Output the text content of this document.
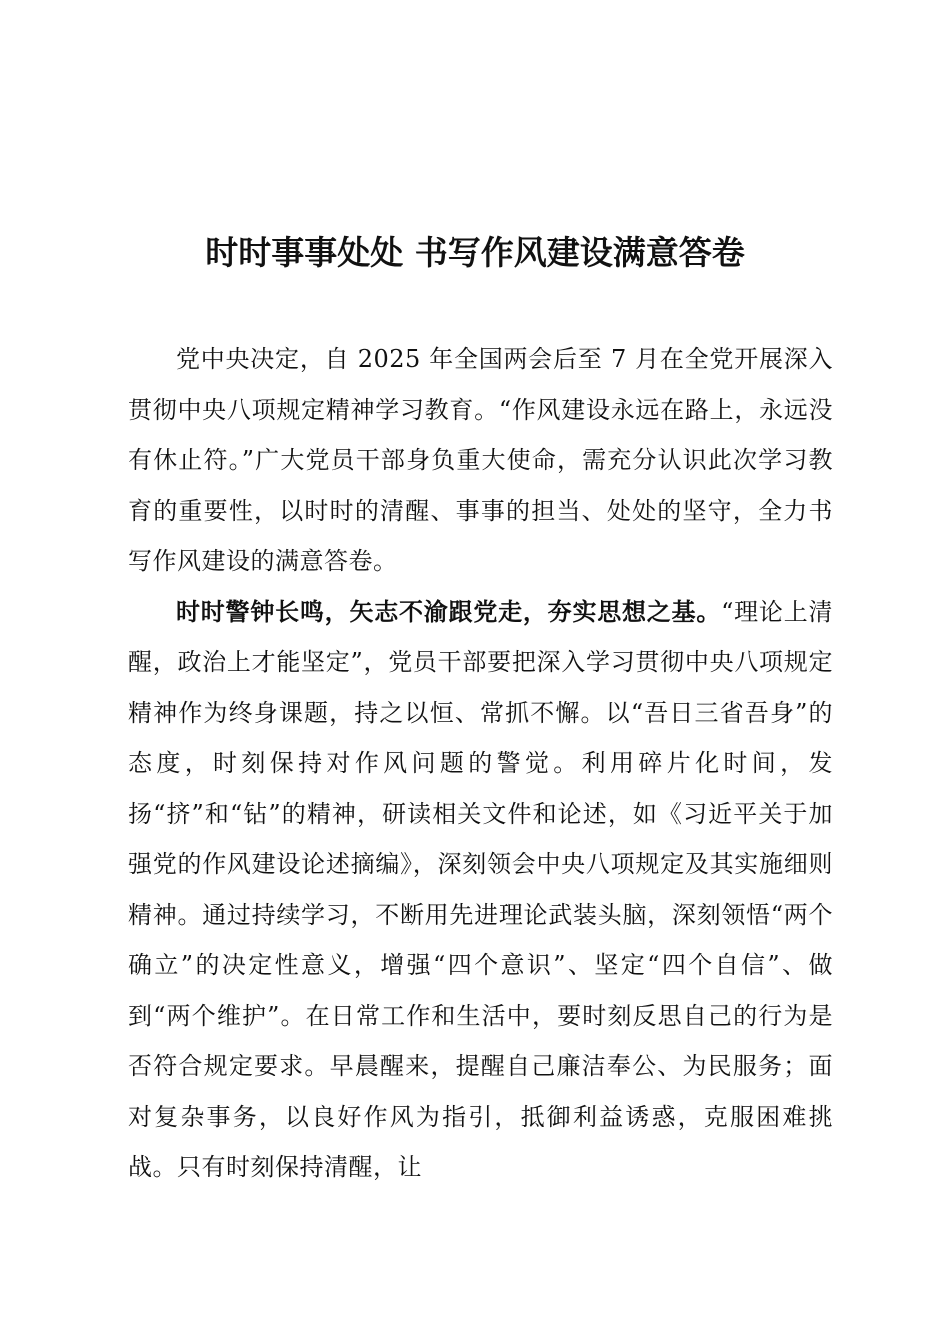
时时事事处处 书写作风建设满意答卷

党中央决定，自 2025 年全国两会后至 7 月在全党开展深入贯彻中央八项规定精神学习教育。“作风建设永远在路上，永远没有休止符。”广大党员干部身负重大使命，需充分认识此次学习教育的重要性，以时时的清醒、事事的担当、处处的坚守，全力书写作风建设的满意答卷。

时时警钟长鸣，矢志不渝跟党走，夯实思想之基。“理论上清醒，政治上才能坚定”，党员干部要把深入学习贯彻中央八项规定精神作为终身课题，持之以恒、常抓不懈。以“吾日三省吾身”的态度，时刻保持对作风问题的警觉。利用碎片化时间，发扬“挤”和“钻”的精神，研读相关文件和论述，如《习近平关于加强党的作风建设论述摘编》，深刻领会中央八项规定及其实施细则精神。通过持续学习，不断用先进理论武装头脑，深刻领悟“两个确立”的决定性意义，增强“四个意识”、坚定“四个自信”、做到“两个维护”。在日常工作和生活中，要时刻反思自己的行为是否符合规定要求。早晨醒来，提醒自己廉洁奉公、为民服务；面对复杂事务，以良好作风为指引，抵御利益诱惑，克服困难挑战。只有时刻保持清醒，让
